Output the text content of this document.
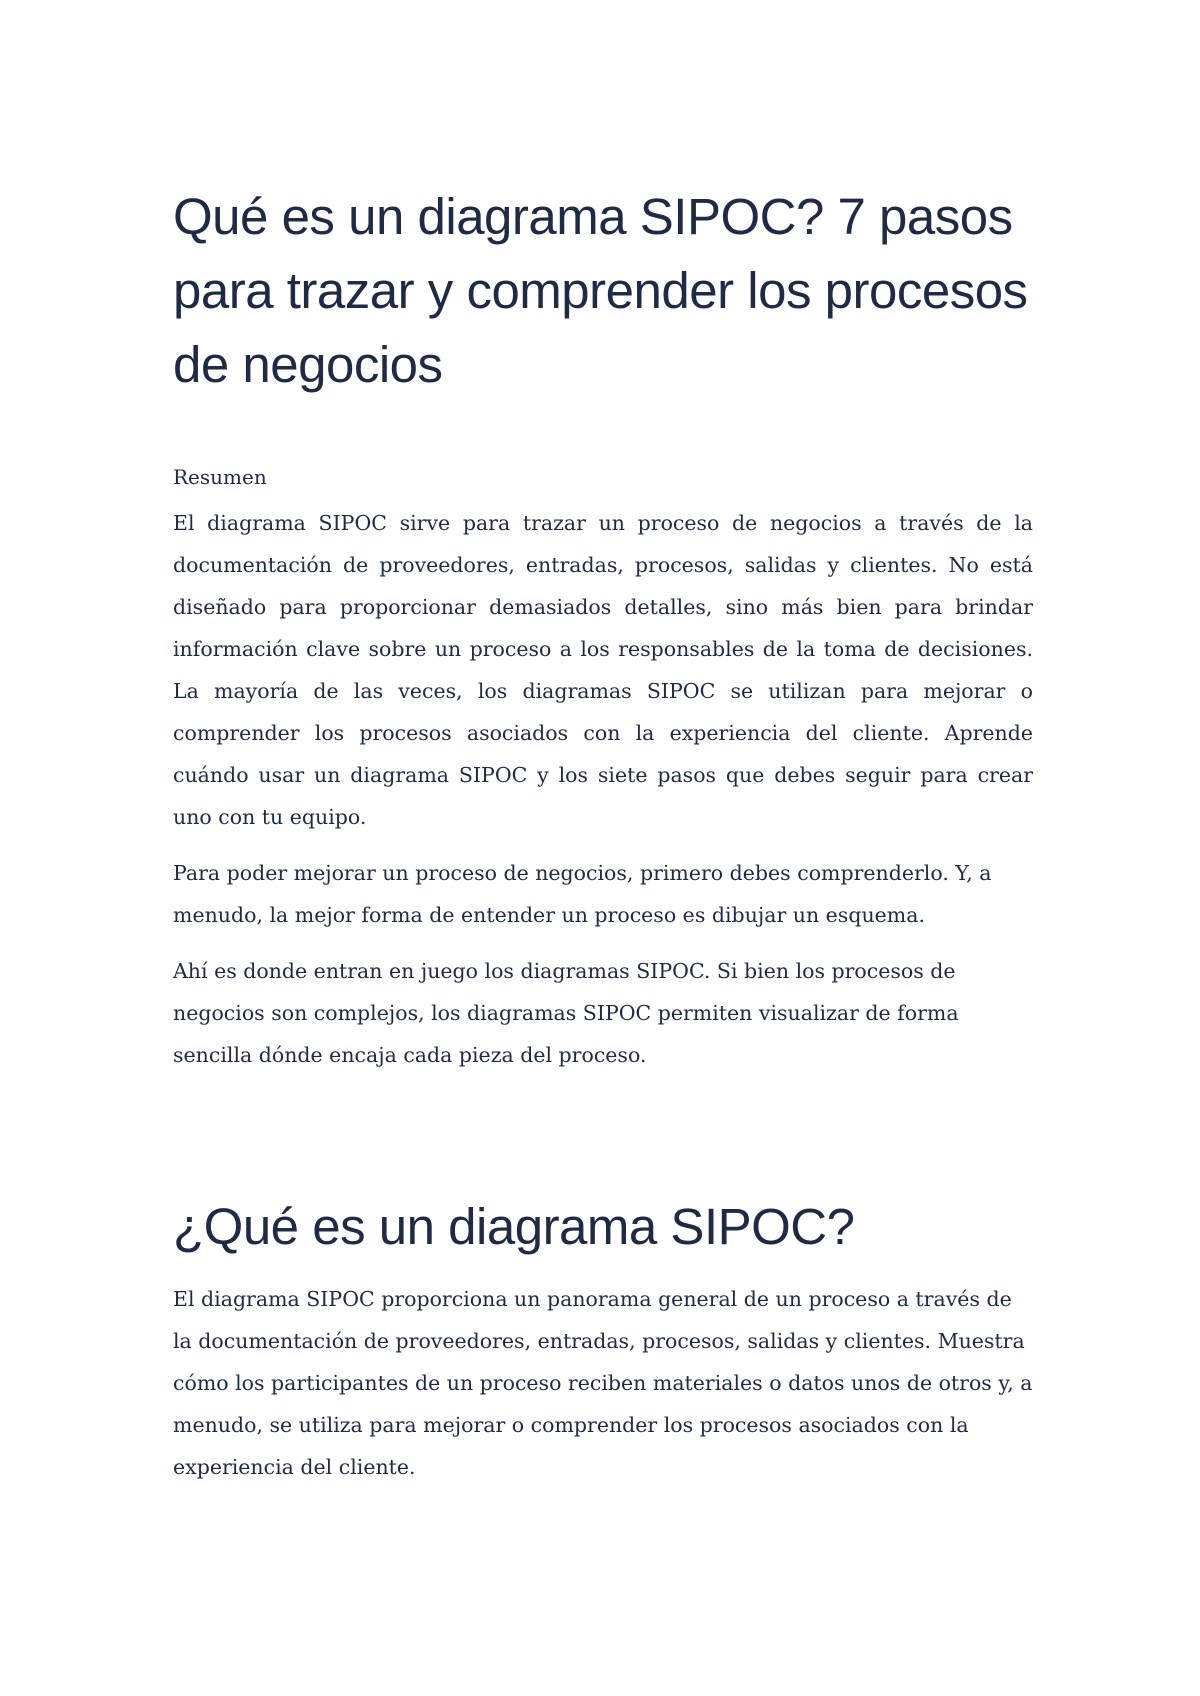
Qué es un diagrama SIPOC? 7 pasos para trazar y comprender los procesos de negocios

Resumen

El diagrama SIPOC sirve para trazar un proceso de negocios a través de la documentación de proveedores, entradas, procesos, salidas y clientes. No está diseñado para proporcionar demasiados detalles, sino más bien para brindar información clave sobre un proceso a los responsables de la toma de decisiones. La mayoría de las veces, los diagramas SIPOC se utilizan para mejorar o comprender los procesos asociados con la experiencia del cliente. Aprende cuándo usar un diagrama SIPOC y los siete pasos que debes seguir para crear uno con tu equipo.

Para poder mejorar un proceso de negocios, primero debes comprenderlo. Y, a menudo, la mejor forma de entender un proceso es dibujar un esquema.

Ahí es donde entran en juego los diagramas SIPOC. Si bien los procesos de negocios son complejos, los diagramas SIPOC permiten visualizar de forma sencilla dónde encaja cada pieza del proceso.

¿Qué es un diagrama SIPOC?

El diagrama SIPOC proporciona un panorama general de un proceso a través de la documentación de proveedores, entradas, procesos, salidas y clientes. Muestra cómo los participantes de un proceso reciben materiales o datos unos de otros y, a menudo, se utiliza para mejorar o comprender los procesos asociados con la experiencia del cliente.
